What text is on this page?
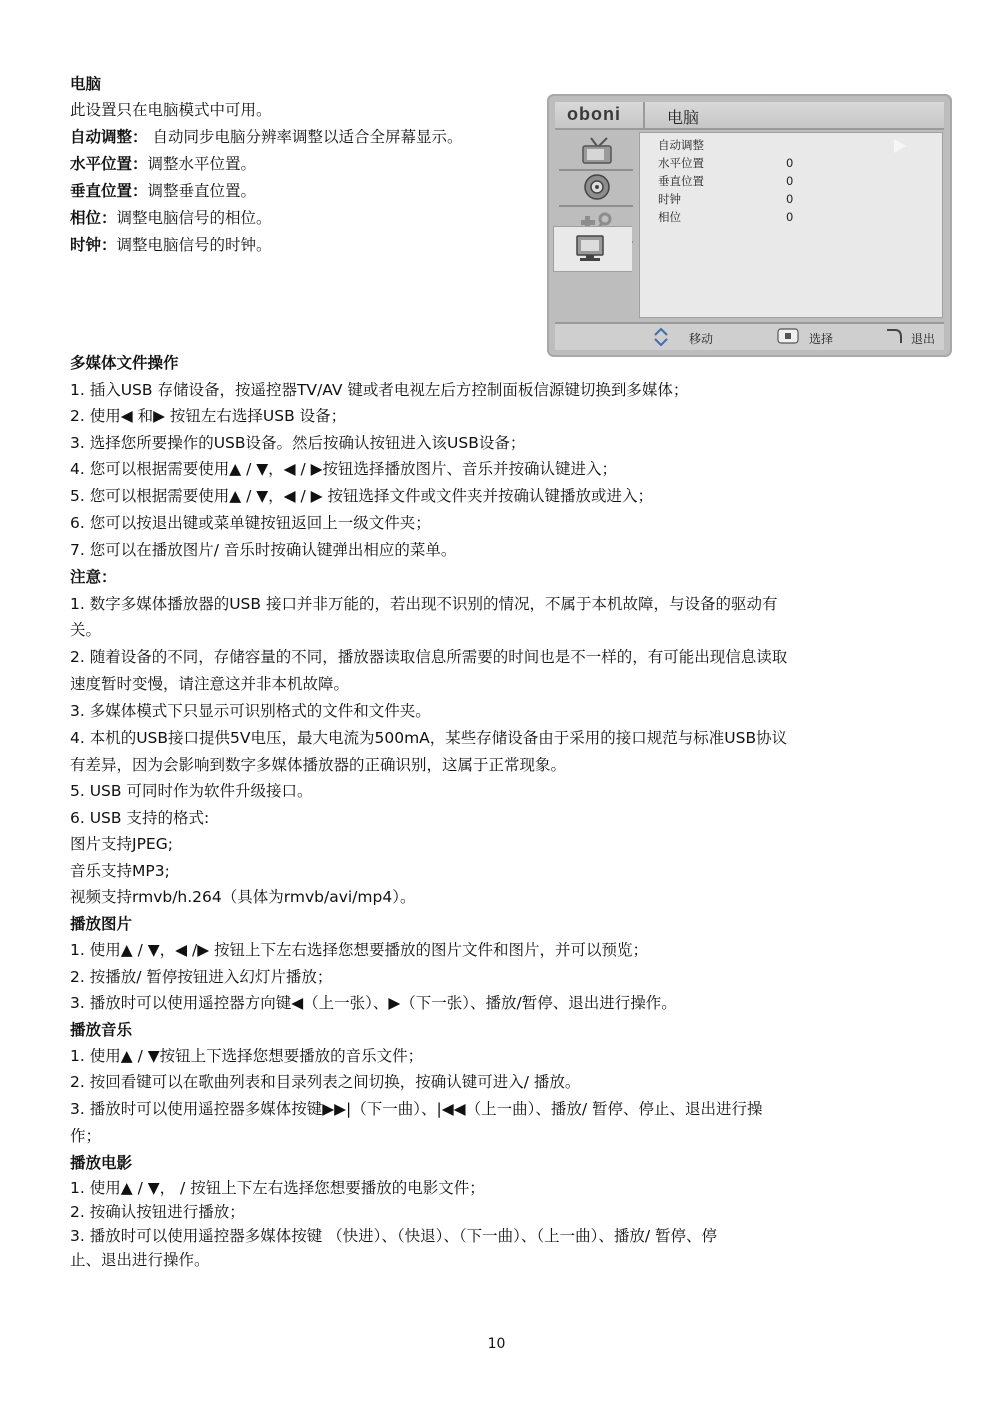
电脑
此设置只在电脑模式中可用。
自动调整： 自动同步电脑分辨率调整以适合全屏幕显示。
水平位置：调整水平位置。
垂直位置：调整垂直位置。
相位：调整电脑信号的相位。
时钟：调整电脑信号的时钟。
多媒体文件操作
1. 插入USB 存储设备，按遥控器TV/AV 键或者电视左后方控制面板信源键切换到多媒体；
2. 使用◀ 和▶ 按钮左右选择USB 设备；
3. 选择您所要操作的USB设备。然后按确认按钮进入该USB设备；
4. 您可以根据需要使用▲ / ▼，◀ / ▶按钮选择播放图片、音乐并按确认键进入；
5. 您可以根据需要使用▲ / ▼，◀ / ▶ 按钮选择文件或文件夹并按确认键播放或进入；
6. 您可以按退出键或菜单键按钮返回上一级文件夹；
7. 您可以在播放图片/ 音乐时按确认键弹出相应的菜单。
注意：
1. 数字多媒体播放器的USB 接口并非万能的，若出现不识别的情况，不属于本机故障，与设备的驱动有
关。
2. 随着设备的不同，存储容量的不同，播放器读取信息所需要的时间也是不一样的，有可能出现信息读取
速度暂时变慢，请注意这并非本机故障。
3. 多媒体模式下只显示可识别格式的文件和文件夹。
4. 本机的USB接口提供5V电压，最大电流为500mA，某些存储设备由于采用的接口规范与标准USB协议
有差异，因为会影响到数字多媒体播放器的正确识别，这属于正常现象。
5. USB 可同时作为软件升级接口。
6. USB 支持的格式:
图片支持JPEG;
音乐支持MP3;
视频支持rmvb/h.264（具体为rmvb/avi/mp4）。
播放图片
1. 使用▲ / ▼，◀ /▶ 按钮上下左右选择您想要播放的图片文件和图片，并可以预览；
2. 按播放/ 暂停按钮进入幻灯片播放；
3. 播放时可以使用遥控器方向键◀（上一张）、▶（下一张）、播放/暂停、退出进行操作。
播放音乐
1. 使用▲ / ▼按钮上下选择您想要播放的音乐文件；
2. 按回看键可以在歌曲列表和目录列表之间切换，按确认键可进入/ 播放。
3. 播放时可以使用遥控器多媒体按键▶▶|（下一曲）、|◀◀（上一曲）、播放/ 暂停、停止、退出进行操
作；
播放电影
1. 使用▲ / ▼， / 按钮上下左右选择您想要播放的电影文件；
2. 按确认按钮进行播放；
3. 播放时可以使用遥控器多媒体按键 （快进）、（快退）、（下一曲）、（上一曲）、播放/ 暂停、停
止、退出进行操作。
oboni	电脑
自动调整
水平位置	0
垂直位置	0
时钟	0
相位	0
移动	选择	退出
10
